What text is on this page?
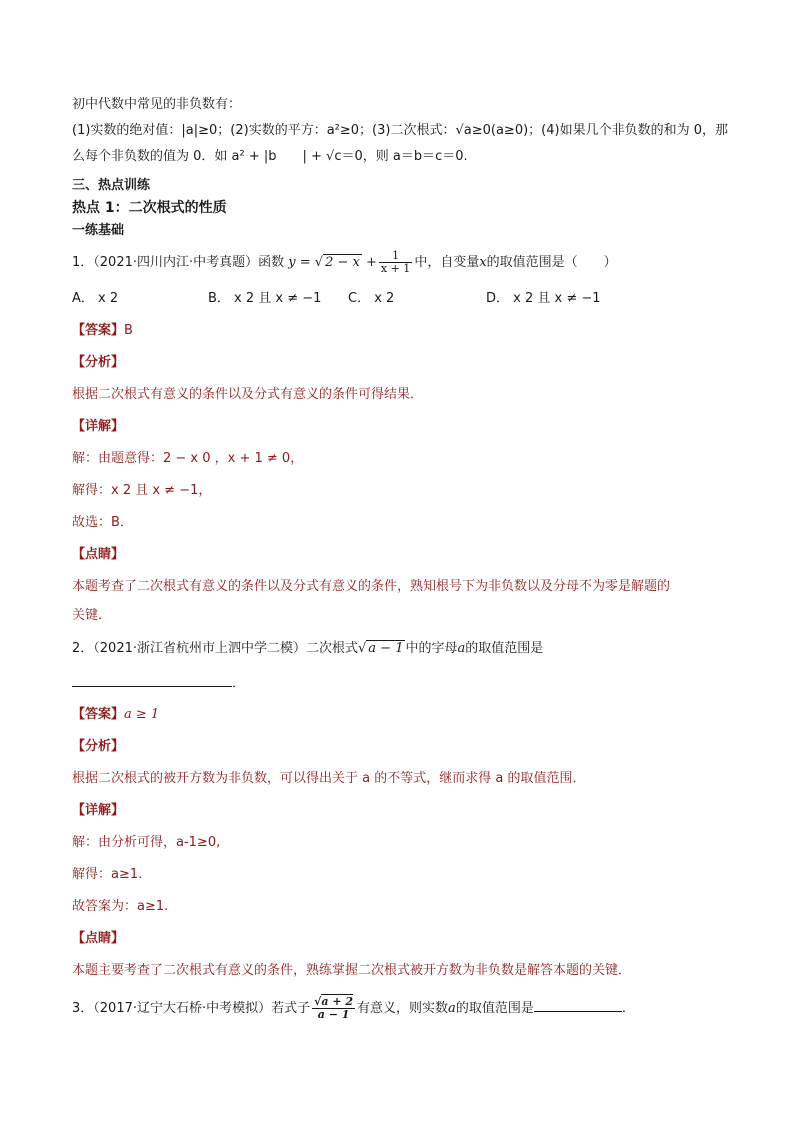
初中代数中常见的非负数有：
(1)实数的绝对值：|a|≥0；(2)实数的平方：a²≥0；(3)二次根式：√a≥0(a≥0)；(4)如果几个非负数的和为 0，那
么每个非负数的值为 0．如 a² + |b　　| + √c＝0，则 a＝b＝c＝0.
三、热点训练
热点 1：二次根式的性质
一练基础
1．（2021·四川内江·中考真题）函数 y = √ $2 - x + \frac{1}{x + 1}$ 中，自变量x的取值范围是（　　）
A． x 2	B． x 2 且 x ≠ −1 C． x 2	D． x 2 且 x ≠ −1
【答案】B
【分析】
根据二次根式有意义的条件以及分式有意义的条件可得结果．
【详解】
解：由题意得：2 − x 0 ，x + 1 ≠ 0，
解得：x 2 且 x ≠ −1，
故选：B．
【点睛】
本题考查了二次根式有意义的条件以及分式有意义的条件，熟知根号下为非负数以及分母不为零是解题的
关键．
2．（2021·浙江省杭州市上泗中学二模）二次根式√ a − 1 中的字母a的取值范围是
．
【答案】a ≥ 1
【分析】
根据二次根式的被开方数为非负数，可以得出关于 a 的不等式，继而求得 a 的取值范围．
【详解】
解：由分析可得，a-1≥0,
解得：a≥1.
故答案为：a≥1.
【点睛】
本题主要考查了二次根式有意义的条件，熟练掌握二次根式被开方数为非负数是解答本题的关键．
3．（2017·辽宁大石桥·中考模拟）若式子 $\frac{√a + 2}{a - 1}$ 有意义，则实数a的取值范围是	．
